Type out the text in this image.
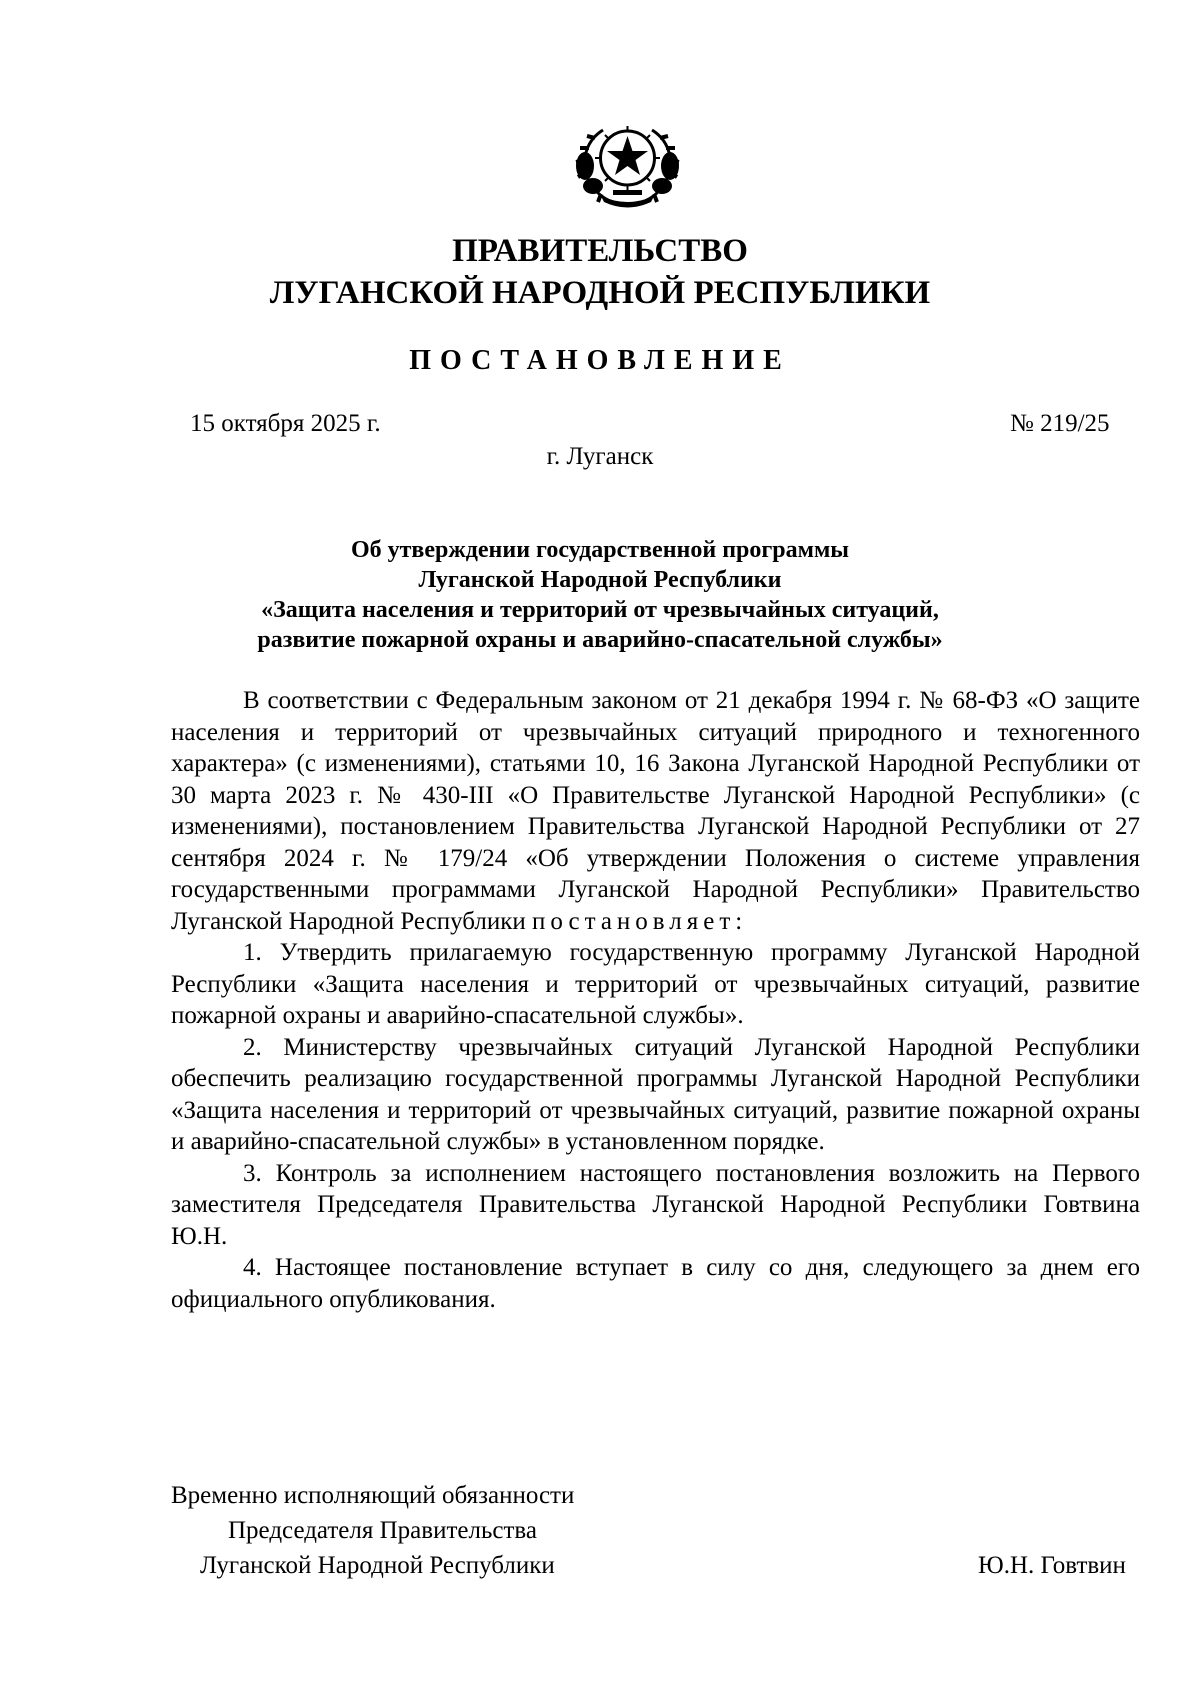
ПРАВИТЕЛЬСТВО
ЛУГАНСКОЙ НАРОДНОЙ РЕСПУБЛИКИ
ПОСТАНОВЛЕНИЕ
15 октября 2025 г.	№ 219/25
г. Луганск
Об утверждении государственной программы
Луганской Народной Республики
«Защита населения и территорий от чрезвычайных ситуаций,
развитие пожарной охраны и аварийно-спасательной службы»

В соответствии с Федеральным законом от 21 декабря 1994 г. № 68-ФЗ «О защите населения и территорий от чрезвычайных ситуаций природного и техногенного характера» (с изменениями), статьями 10, 16 Закона Луганской Народной Республики от 30 марта 2023 г. № 430-III «О Правительстве Луганской Народной Республики» (с изменениями), постановлением Правительства Луганской Народной Республики от 27 сентября 2024 г. № 179/24 «Об утверждении Положения о системе управления государственными программами Луганской Народной Республики» Правительство Луганской Народной Республики постановляет:

1. Утвердить прилагаемую государственную программу Луганской Народной Республики «Защита населения и территорий от чрезвычайных ситуаций, развитие пожарной охраны и аварийно-спасательной службы».

2. Министерству чрезвычайных ситуаций Луганской Народной Республики обеспечить реализацию государственной программы Луганской Народной Республики «Защита населения и территорий от чрезвычайных ситуаций, развитие пожарной охраны и аварийно-спасательной службы» в установленном порядке.

3. Контроль за исполнением настоящего постановления возложить на Первого заместителя Председателя Правительства Луганской Народной Республики Говтвина Ю.Н.

4. Настоящее постановление вступает в силу со дня, следующего за днем его официального опубликования.

Временно исполняющий обязанности
Председателя Правительства
Луганской Народной Республики	Ю.Н. Говтвин
